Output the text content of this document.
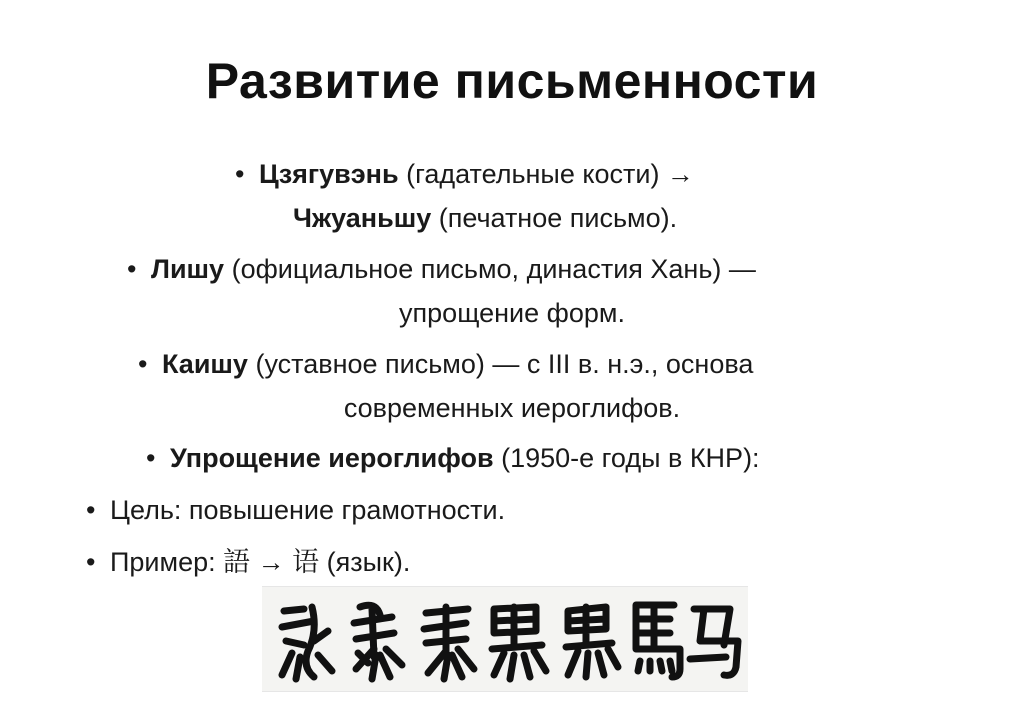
Развитие письменности
• Цзягувэнь (гадательные кости) →
Чжуаньшу (печатное письмо).
• Лишу (официальное письмо, династия Хань) —
упрощение форм.
• Каишу (уставное письмо) — с III в. н.э., основа
современных иероглифов.
• Упрощение иероглифов (1950-е годы в КНР):
• Цель: повышение грамотности.
• Пример: 語 → 语 (язык).
